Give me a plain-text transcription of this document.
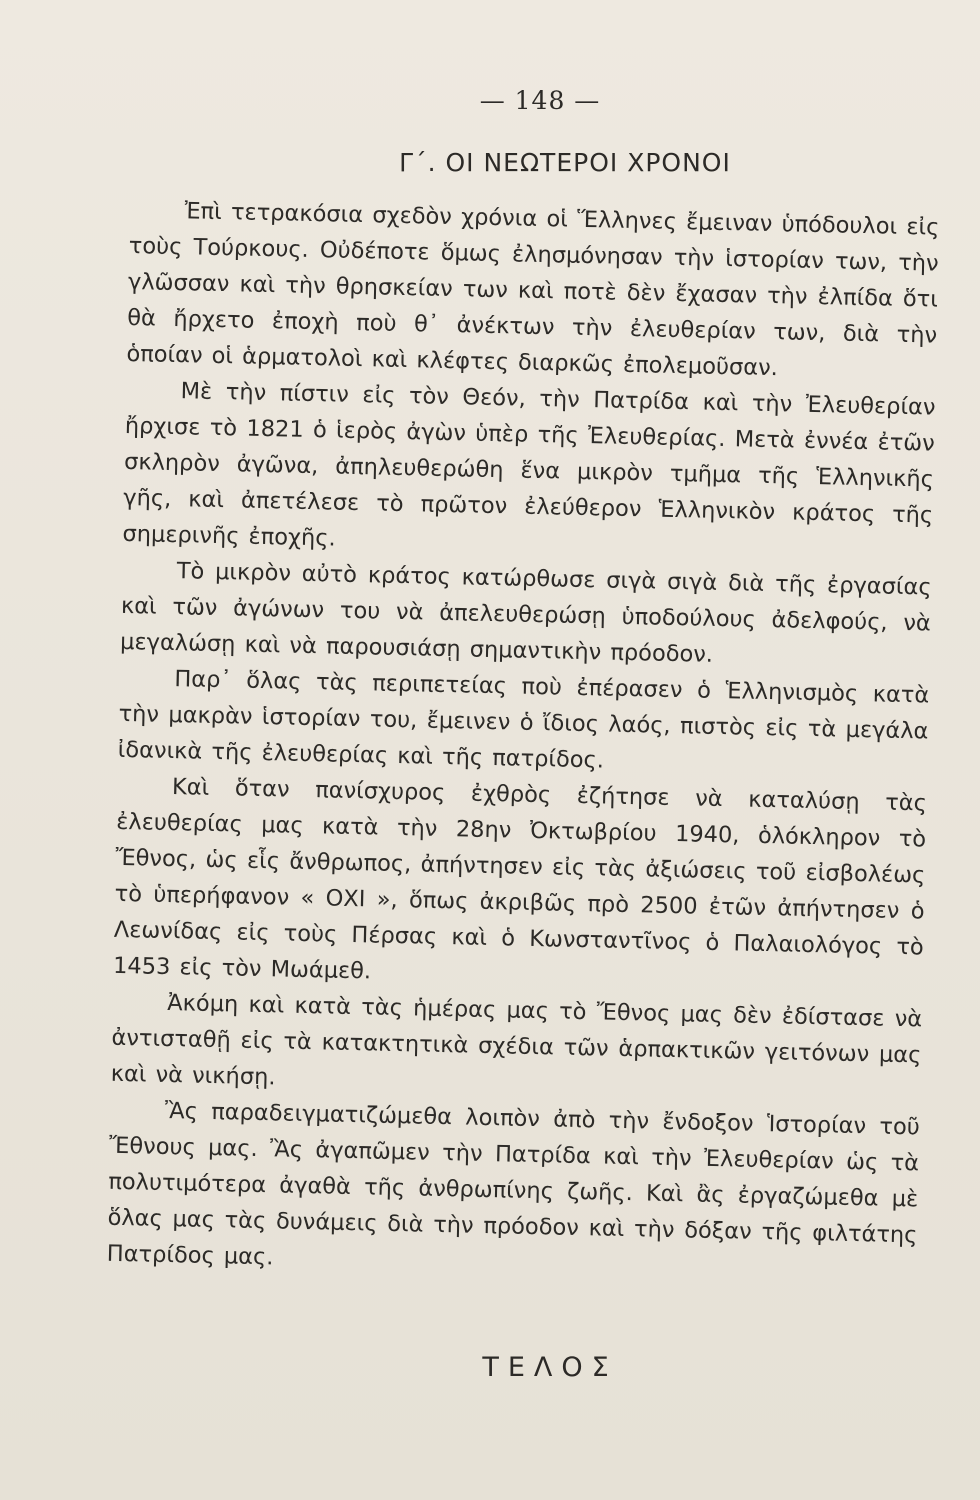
— 148 —
Γ΄. ΟΙ ΝΕΩΤΕΡΟΙ ΧΡΟΝΟΙ

Ἐπὶ τετρακόσια σχεδὸν χρόνια οἱ Ἕλληνες ἔμειναν ὑπόδουλοι εἰς τοὺς Τούρκους. Οὐδέποτε ὅμως ἐλησμόνησαν τὴν ἱστορίαν των, τὴν γλῶσσαν καὶ τὴν θρησκείαν των καὶ ποτὲ δὲν ἔχασαν τὴν ἐλπίδα ὅτι θὰ ἤρχετο ἐποχὴ ποὺ θ᾽ ἀνέκτων τὴν ἐλευθερίαν των, διὰ τὴν ὁποίαν οἱ ἁρματολοὶ καὶ κλέφτες διαρκῶς ἐπολεμοῦσαν.

Μὲ τὴν πίστιν εἰς τὸν Θεόν, τὴν Πατρίδα καὶ τὴν Ἐλευθερίαν ἤρχισε τὸ 1821 ὁ ἱερὸς ἀγὼν ὑπὲρ τῆς Ἐλευθερίας. Μετὰ ἐννέα ἐτῶν σκληρὸν ἀγῶνα, ἀπηλευθερώθη ἕνα μικρὸν τμῆμα τῆς Ἑλληνικῆς γῆς, καὶ ἀπετέλεσε τὸ πρῶτον ἐλεύθερον Ἑλληνικὸν κράτος τῆς σημερινῆς ἐποχῆς.

Τὸ μικρὸν αὐτὸ κράτος κατώρθωσε σιγὰ σιγὰ διὰ τῆς ἐργασίας καὶ τῶν ἀγώνων του νὰ ἀπελευθερώσῃ ὑποδούλους ἀδελφούς, νὰ μεγαλώσῃ καὶ νὰ παρουσιάσῃ σημαντικὴν πρόοδον.

Παρ᾽ ὅλας τὰς περιπετείας ποὺ ἐπέρασεν ὁ Ἑλληνισμὸς κατὰ τὴν μακρὰν ἱστορίαν του, ἔμεινεν ὁ ἴδιος λαός, πιστὸς εἰς τὰ μεγάλα ἰδανικὰ τῆς ἐλευθερίας καὶ τῆς πατρίδος.

Καὶ ὅταν πανίσχυρος ἐχθρὸς ἐζήτησε νὰ καταλύσῃ τὰς ἐλευθερίας μας κατὰ τὴν 28ην Ὀκτωβρίου 1940, ὁλόκληρον τὸ Ἔθνος, ὡς εἷς ἄνθρωπος, ἀπήντησεν εἰς τὰς ἀξιώσεις τοῦ εἰσβολέως τὸ ὑπερήφανον « ΟΧΙ », ὅπως ἀκριβῶς πρὸ 2500 ἐτῶν ἀπήντησεν ὁ Λεωνίδας εἰς τοὺς Πέρσας καὶ ὁ Κωνσταντῖνος ὁ Παλαιολόγος τὸ 1453 εἰς τὸν Μωάμεθ.

Ἀκόμη καὶ κατὰ τὰς ἡμέρας μας τὸ Ἔθνος μας δὲν ἐδίστασε νὰ ἀντισταθῇ εἰς τὰ κατακτητικὰ σχέδια τῶν ἁρπακτικῶν γειτόνων μας καὶ νὰ νικήσῃ.

Ἂς παραδειγματιζώμεθα λοιπὸν ἀπὸ τὴν ἔνδοξον Ἱστορίαν τοῦ Ἔθνους μας. Ἂς ἀγαπῶμεν τὴν Πατρίδα καὶ τὴν Ἐλευθερίαν ὡς τὰ πολυτιμότερα ἀγαθὰ τῆς ἀνθρωπίνης ζωῆς. Καὶ ἂς ἐργαζώμεθα μὲ ὅλας μας τὰς δυνάμεις διὰ τὴν πρόοδον καὶ τὴν δόξαν τῆς φιλτάτης Πατρίδος μας.

ΤΕΛΟΣ
